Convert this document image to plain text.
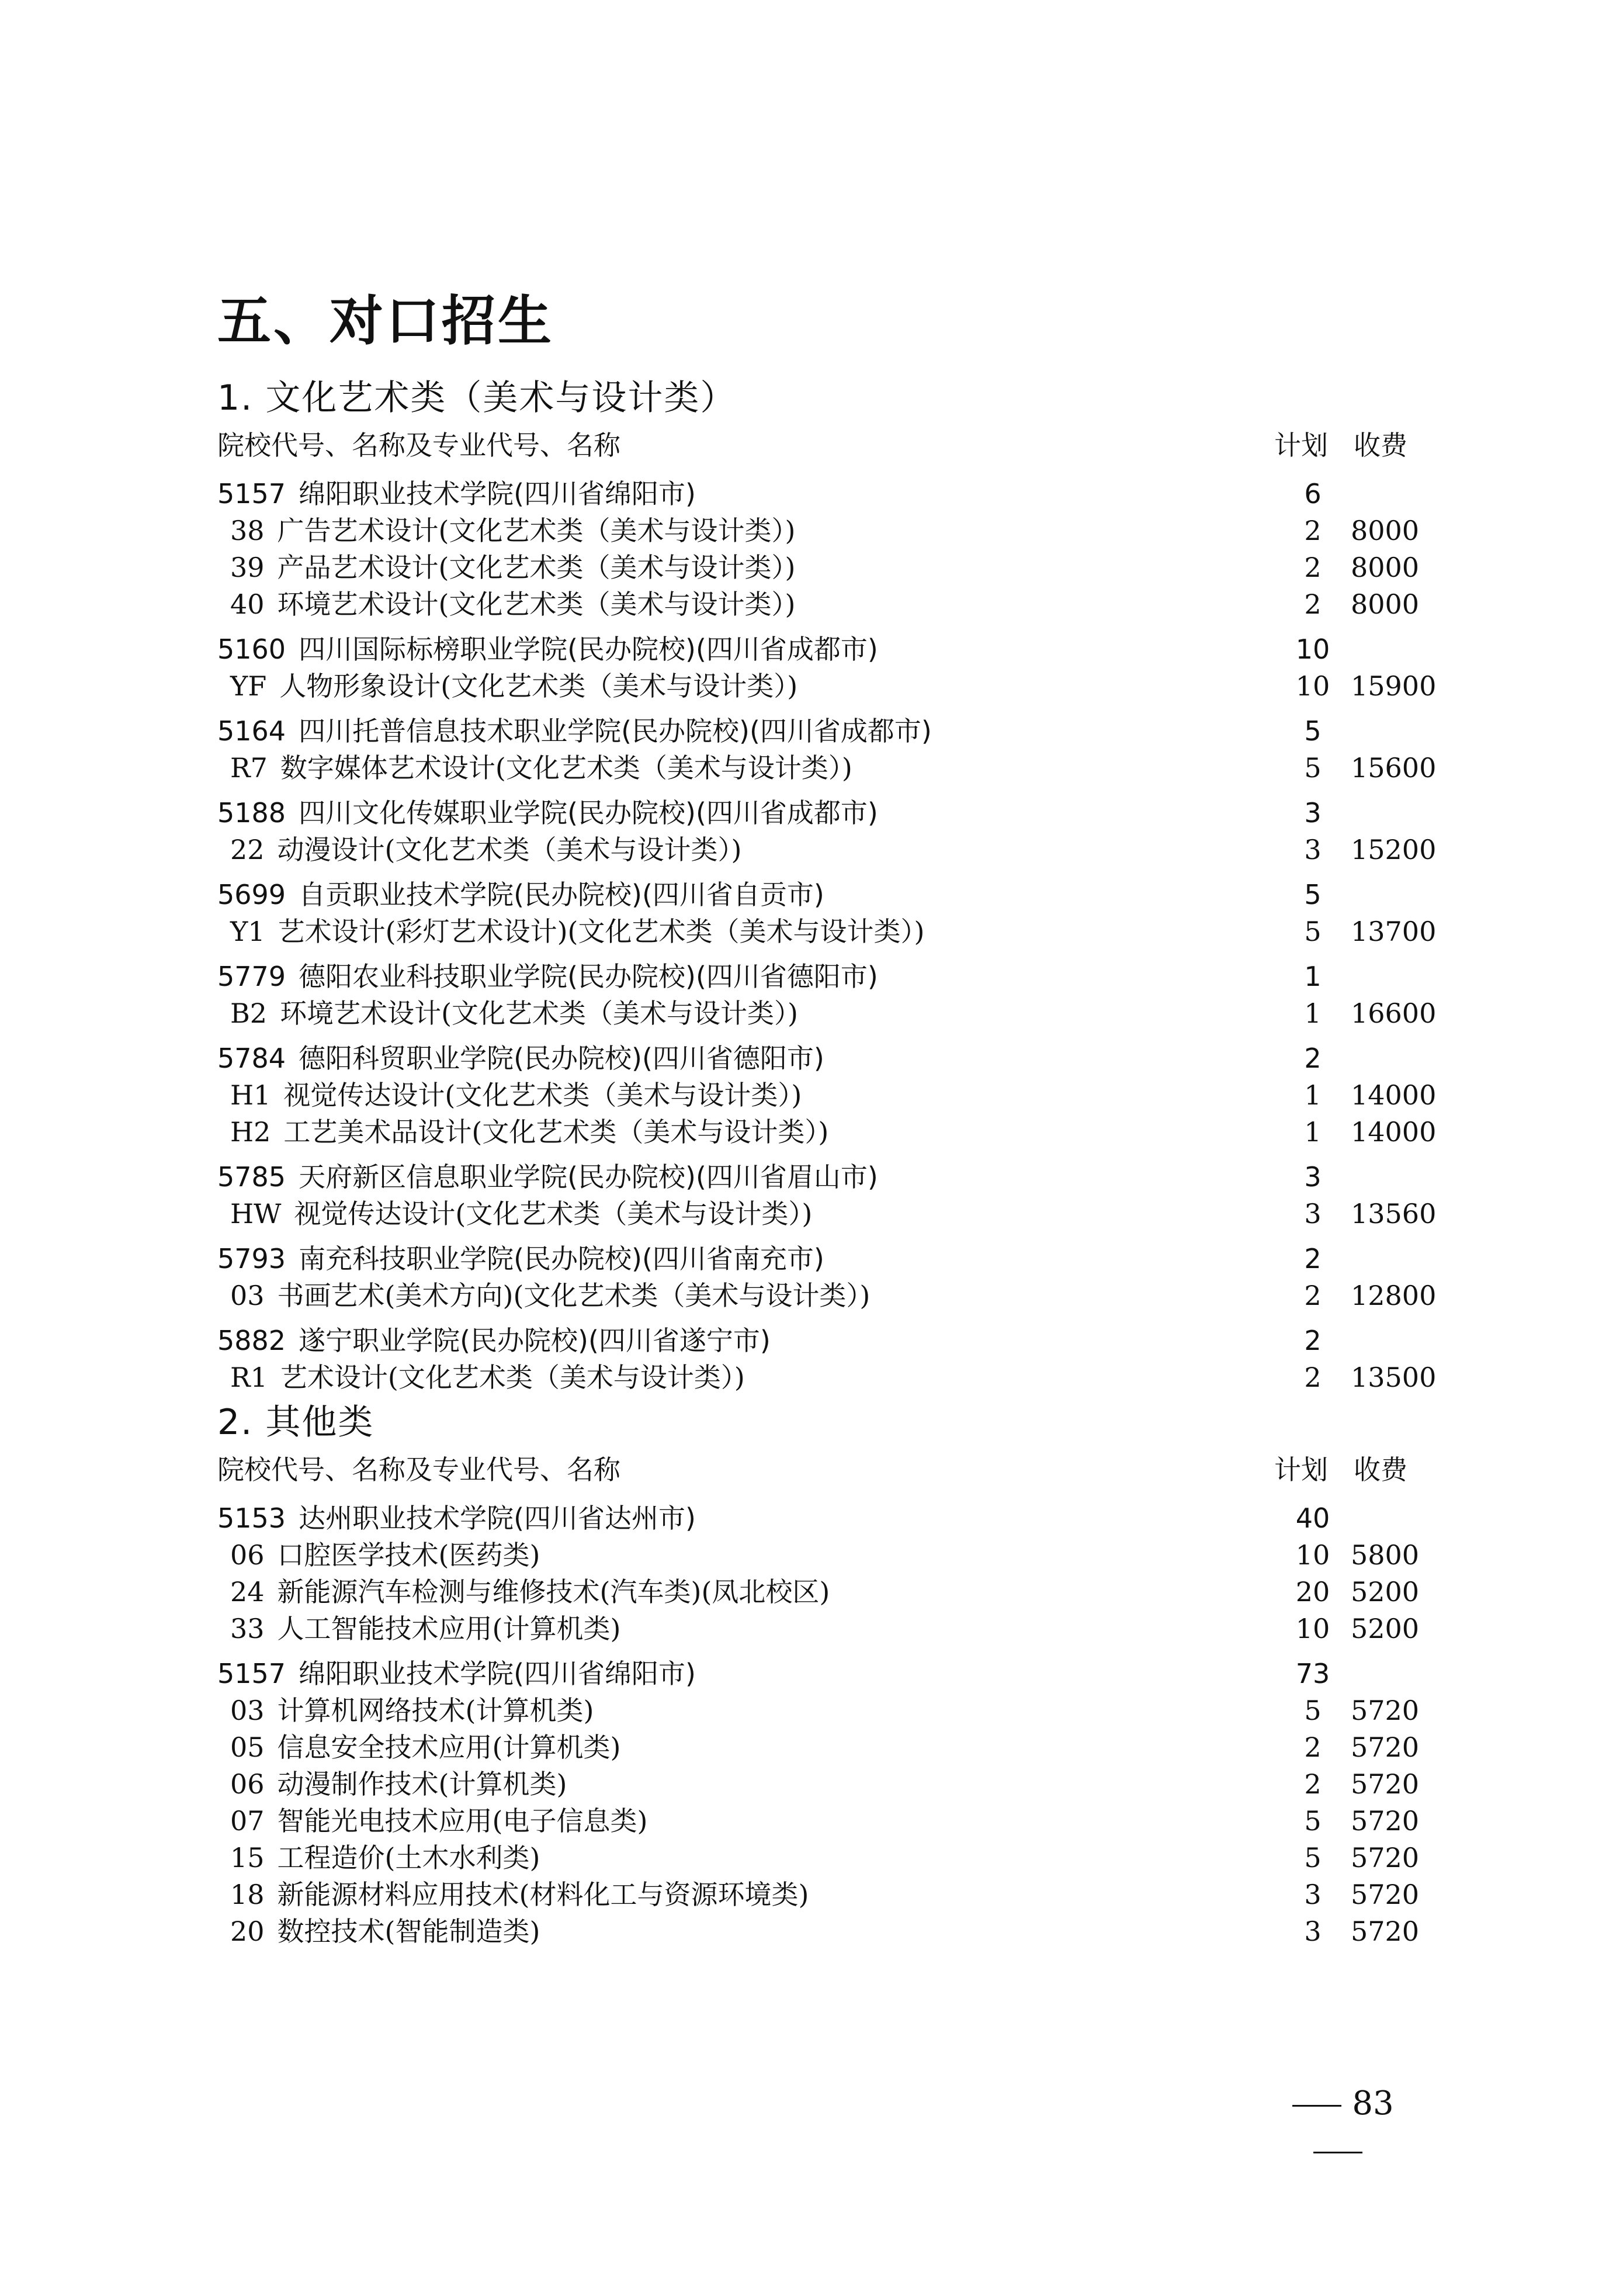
五、对口招生
1. 文化艺术类（美术与设计类）
院校代号、名称及专业代号、名称	计划 收费
5157 绵阳职业技术学院(四川省绵阳市)	6
38 广告艺术设计(文化艺术类（美术与设计类）)	2	8000
39 产品艺术设计(文化艺术类（美术与设计类）)	2	8000
40 环境艺术设计(文化艺术类（美术与设计类）)	2	8000
5160 四川国际标榜职业学院(民办院校)(四川省成都市)	10
YF 人物形象设计(文化艺术类（美术与设计类）)	10 15900
5164 四川托普信息技术职业学院(民办院校)(四川省成都市)	5
R7 数字媒体艺术设计(文化艺术类（美术与设计类）)	5	15600
5188 四川文化传媒职业学院(民办院校)(四川省成都市)	3
22 动漫设计(文化艺术类（美术与设计类）)	3	15200
5699 自贡职业技术学院(民办院校)(四川省自贡市)	5
Y1 艺术设计(彩灯艺术设计)(文化艺术类（美术与设计类）)	5	13700
5779 德阳农业科技职业学院(民办院校)(四川省德阳市)	1
B2 环境艺术设计(文化艺术类（美术与设计类）)	1	16600
5784 德阳科贸职业学院(民办院校)(四川省德阳市)	2
H1 视觉传达设计(文化艺术类（美术与设计类）)	1	14000
H2 工艺美术品设计(文化艺术类（美术与设计类）)	1	14000
5785 天府新区信息职业学院(民办院校)(四川省眉山市)	3
HW 视觉传达设计(文化艺术类（美术与设计类）)	3	13560
5793 南充科技职业学院(民办院校)(四川省南充市)	2
03 书画艺术(美术方向)(文化艺术类（美术与设计类）)	2	12800
5882 遂宁职业学院(民办院校)(四川省遂宁市)	2
R1 艺术设计(文化艺术类（美术与设计类）)	2	13500
2. 其他类
院校代号、名称及专业代号、名称	计划 收费
5153 达州职业技术学院(四川省达州市)	40
06 口腔医学技术(医药类)	10 5800
24 新能源汽车检测与维修技术(汽车类)(凤北校区)	20 5200
33 人工智能技术应用(计算机类)	10 5200
5157 绵阳职业技术学院(四川省绵阳市)	73
03 计算机网络技术(计算机类)	5	5720
05 信息安全技术应用(计算机类)	2	5720
06 动漫制作技术(计算机类)	2	5720
07 智能光电技术应用(电子信息类)	5	5720
15 工程造价(土木水利类)	5	5720
18 新能源材料应用技术(材料化工与资源环境类)	3	5720
20 数控技术(智能制造类)	3	5720
83
